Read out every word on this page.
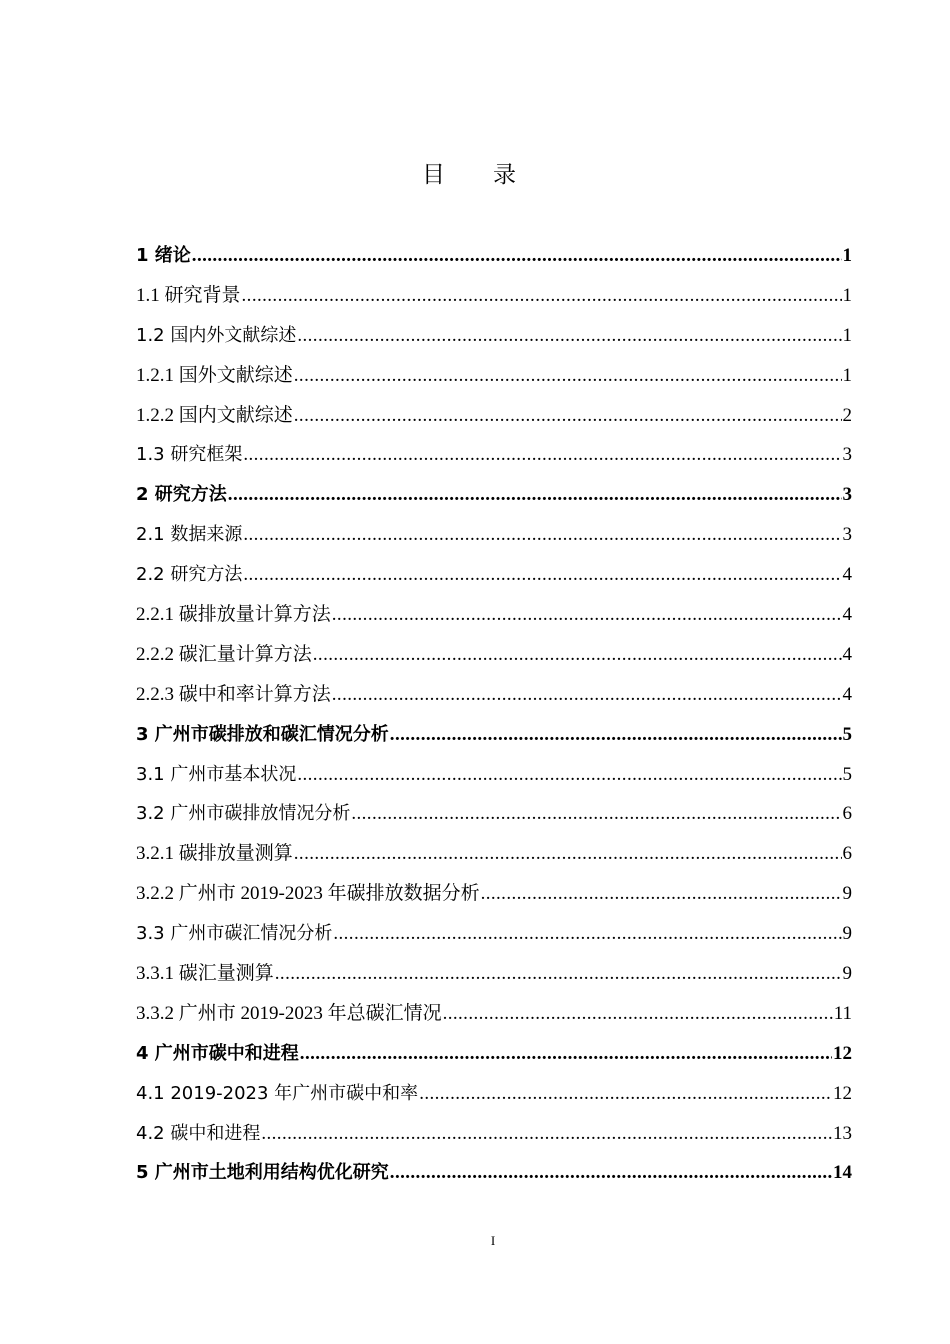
目录
1 绪论 .....	1
1.1 研究背景 .....	1
1.2 国内外文献综述 .....	1
1.2.1 国外文献综述 .....	1
1.2.2 国内文献综述 .....	2
1.3 研究框架 .....	3
2 研究方法 .....	3
2.1 数据来源 .....	3
2.2 研究方法 .....	4
2.2.1 碳排放量计算方法 .....	4
2.2.2 碳汇量计算方法 .....	4
2.2.3 碳中和率计算方法 .....	4
3 广州市碳排放和碳汇情况分析 .....	5
3.1 广州市基本状况 .....	5
3.2 广州市碳排放情况分析 .....	6
3.2.1 碳排放量测算 .....	6
3.2.2 广州市 2019-2023 年碳排放数据分析 .....	9
3.3 广州市碳汇情况分析 .....	9
3.3.1 碳汇量测算 .....	9
3.3.2 广州市 2019-2023 年总碳汇情况 .....	11
4 广州市碳中和进程 .....	12
4.1 2019-2023 年广州市碳中和率 .....	12
4.2 碳中和进程 .....	13
5 广州市土地利用结构优化研究 .....	14
I
